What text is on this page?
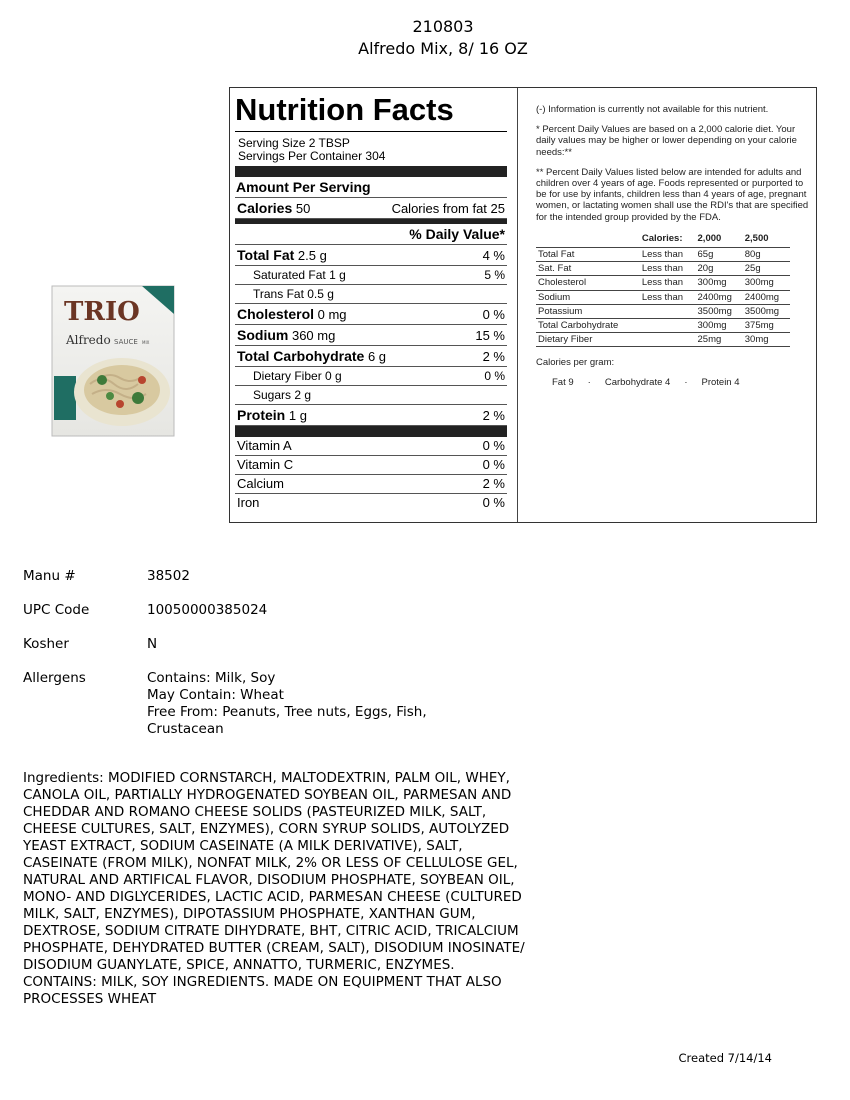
210803
Alfredo Mix, 8/ 16 OZ
TRIO
Alfredo SAUCE MIX
Nutrition Facts
Serving Size 2 TBSP
Servings Per Container 304
Amount Per Serving
Calories 50	Calories from fat 25
% Daily Value*
Total Fat 2.5 g	4 %
Saturated Fat 1 g	5 %
Trans Fat 0.5 g
Cholesterol 0 mg	0 %
Sodium 360 mg	15 %
Total Carbohydrate 6 g	2 %
Dietary Fiber 0 g	0 %
Sugars 2 g
Protein 1 g	2 %
Vitamin A	0 %
Vitamin C	0 %
Calcium	2 %
Iron	0 %

(-) Information is currently not available for this nutrient.

* Percent Daily Values are based on a 2,000 calorie diet. Your daily values may be higher or lower depending on your calorie needs:**

** Percent Daily Values listed below are intended for adults and children over 4 years of age. Foods represented or purported to be for use by infants, children less than 4 years of age, pregnant women, or lactating women shall use the RDI's that are specified for the intended group provided by the FDA.

	Calories:	2,000	2,500
Total Fat	Less than	65g	80g
Sat. Fat	Less than	20g	25g
Cholesterol	Less than	300mg	300mg
Sodium	Less than	2400mg	2400mg
Potassium		3500mg	3500mg
Total Carbohydrate		300mg	375mg
Dietary Fiber		25mg	30mg
Calories per gram:
Fat 9 · Carbohydrate 4 · Protein 4
Manu #	38502
UPC Code	10050000385024
Kosher	N
Allergens	Contains: Milk, Soy
May Contain: Wheat
Free From: Peanuts, Tree nuts, Eggs, Fish,
Crustacean
Ingredients: MODIFIED CORNSTARCH, MALTODEXTRIN, PALM OIL, WHEY,
CANOLA OIL, PARTIALLY HYDROGENATED SOYBEAN OIL, PARMESAN AND
CHEDDAR AND ROMANO CHEESE SOLIDS (PASTEURIZED MILK, SALT,
CHEESE CULTURES, SALT, ENZYMES), CORN SYRUP SOLIDS, AUTOLYZED
YEAST EXTRACT, SODIUM CASEINATE (A MILK DERIVATIVE), SALT,
CASEINATE (FROM MILK), NONFAT MILK, 2% OR LESS OF CELLULOSE GEL,
NATURAL AND ARTIFICAL FLAVOR, DISODIUM PHOSPHATE, SOYBEAN OIL,
MONO- AND DIGLYCERIDES, LACTIC ACID, PARMESAN CHEESE (CULTURED
MILK, SALT, ENZYMES), DIPOTASSIUM PHOSPHATE, XANTHAN GUM,
DEXTROSE, SODIUM CITRATE DIHYDRATE, BHT, CITRIC ACID, TRICALCIUM
PHOSPHATE, DEHYDRATED BUTTER (CREAM, SALT), DISODIUM INOSINATE/
DISODIUM GUANYLATE, SPICE, ANNATTO, TURMERIC, ENZYMES.
CONTAINS: MILK, SOY INGREDIENTS. MADE ON EQUIPMENT THAT ALSO
PROCESSES WHEAT
Created 7/14/14
